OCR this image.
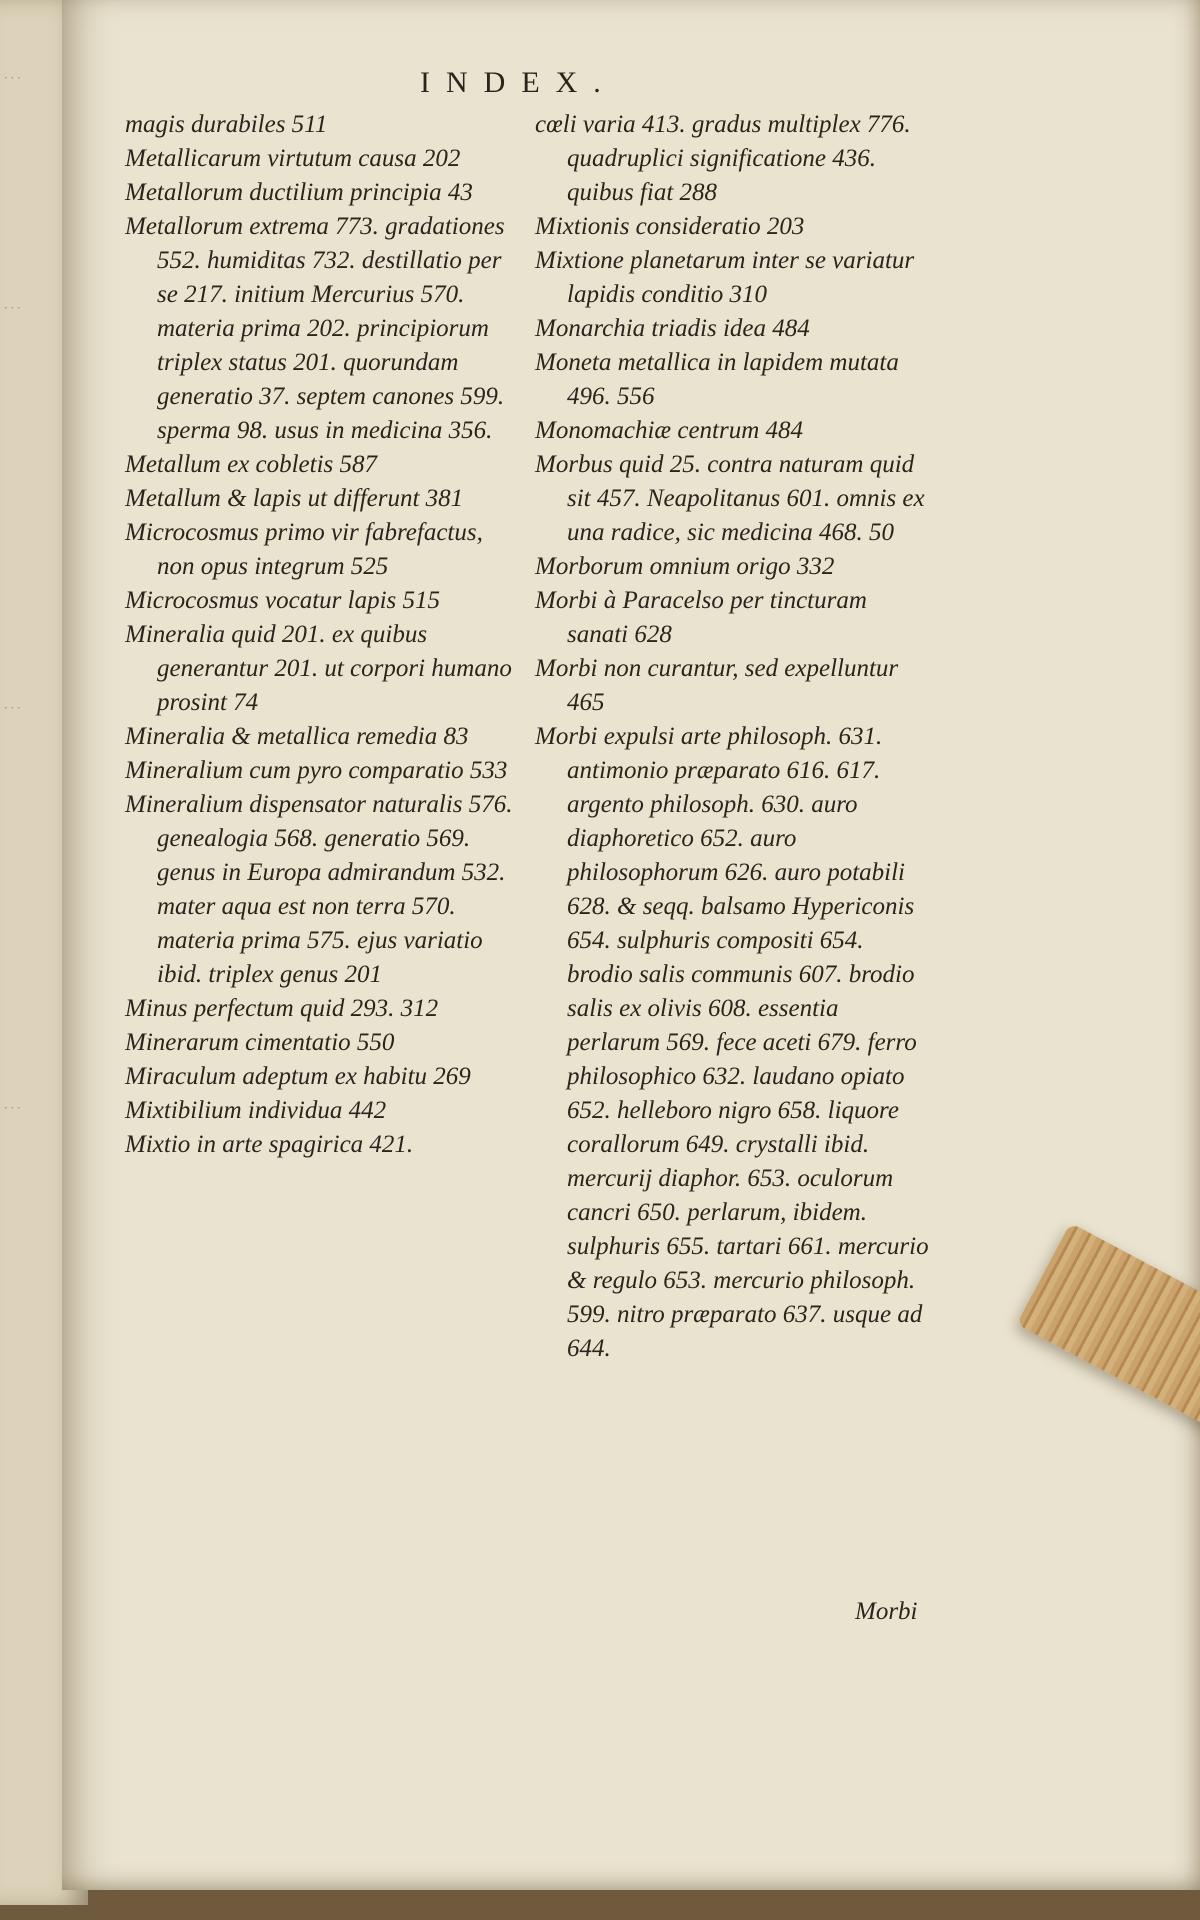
· · ·
· · ·
· · ·
· · ·
INDEX.
magis durabiles 511
Metallicarum virtutum causa 202
Metallorum ductilium principia 43
Metallorum extrema 773. gradationes 552. humiditas 732. destillatio per se 217. initium Mercurius 570. materia prima 202. principiorum triplex status 201. quorundam generatio 37. septem canones 599. sperma 98. usus in medicina 356.
Metallum ex cobletis 587
Metallum & lapis ut differunt 381
Microcosmus primo vir fabrefactus, non opus integrum 525
Microcosmus vocatur lapis 515
Mineralia quid 201. ex quibus generantur 201. ut corpori humano prosint 74
Mineralia & metallica remedia 83
Mineralium cum pyro comparatio 533
Mineralium dispensator naturalis 576. genealogia 568. generatio 569. genus in Europa admirandum 532. mater aqua est non terra 570. materia prima 575. ejus variatio ibid. triplex genus 201
Minus perfectum quid 293. 312
Minerarum cimentatio 550
Miraculum adeptum ex habitu 269
Mixtibilium individua 442
Mixtio in arte spagirica 421.
cœli varia 413. gradus multiplex 776. quadruplici significatione 436. quibus fiat 288
Mixtionis consideratio 203
Mixtione planetarum inter se variatur lapidis conditio 310
Monarchia triadis idea 484
Moneta metallica in lapidem mutata 496. 556
Monomachiæ centrum 484
Morbus quid 25. contra naturam quid sit 457. Neapolitanus 601. omnis ex una radice, sic medicina 468. 50
Morborum omnium origo 332
Morbi à Paracelso per tincturam sanati 628
Morbi non curantur, sed expelluntur 465
Morbi expulsi arte philosoph. 631. antimonio præparato 616. 617. argento philosoph. 630. auro diaphoretico 652. auro philosophorum 626. auro potabili 628. & seqq. balsamo Hypericonis 654. sulphuris compositi 654. brodio salis communis 607. brodio salis ex olivis 608. essentia perlarum 569. fece aceti 679. ferro philosophico 632. laudano opiato 652. helleboro nigro 658. liquore corallorum 649. crystalli ibid. mercurij diaphor. 653. oculorum cancri 650. perlarum, ibidem. sulphuris 655. tartari 661. mercurio & regulo 653. mercurio philosoph. 599. nitro præparato 637. usque ad 644.
Morbi
